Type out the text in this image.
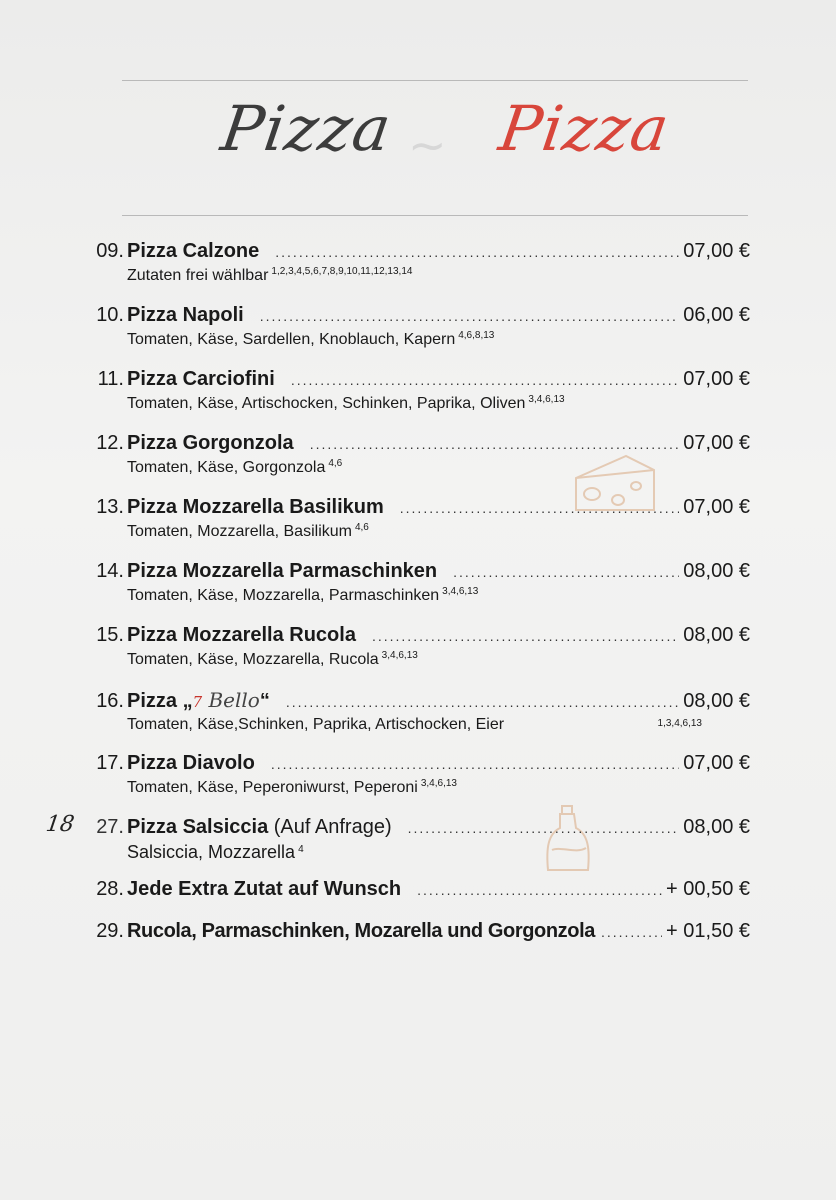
Pizza ~ Pizza
09. Pizza Calzone .....	07,00 €
Zutaten frei wählbar $^{1,2,3,4,5,6,7,8,9,10,11,12,13,14}$
10. Pizza Napoli .....	06,00 €
Tomaten, Käse, Sardellen, Knoblauch, Kapern $^{4,6,8,13}$
11. Pizza Carciofini .....	07,00 €
Tomaten, Käse, Artischocken, Schinken, Paprika, Oliven $^{3,4,6,13}$
12. Pizza Gorgonzola .....	07,00 €
Tomaten, Käse, Gorgonzola $^{4,6}$
13. Pizza Mozzarella Basilikum .....	07,00 €
Tomaten, Mozzarella, Basilikum $^{4,6}$
14. Pizza Mozzarella Parmaschinken .....	08,00 €
Tomaten, Käse, Mozzarella, Parmaschinken $^{3,4,6,13}$
15. Pizza Mozzarella Rucola .....	08,00 €
Tomaten, Käse, Mozzarella, Rucola $^{3,4,6,13}$
16. Pizza „7 Bello“ .....	08,00 €
Tomaten, Käse,Schinken, Paprika, Artischocken, Eier	1,3,4,6,13
17. Pizza Diavolo .....	07,00 €
Tomaten, Käse, Peperoniwurst, Peperoni $^{3,4,6,13}$
18	27. Pizza Salsiccia (Auf Anfrage) .....	08,00 €
Salsiccia, Mozzarella $^4$
28. Jede Extra Zutat auf Wunsch .....	+ 00,50 €
29. Rucola, Parmaschinken, Mozarella und Gorgonzola .....	+ 01,50 €
